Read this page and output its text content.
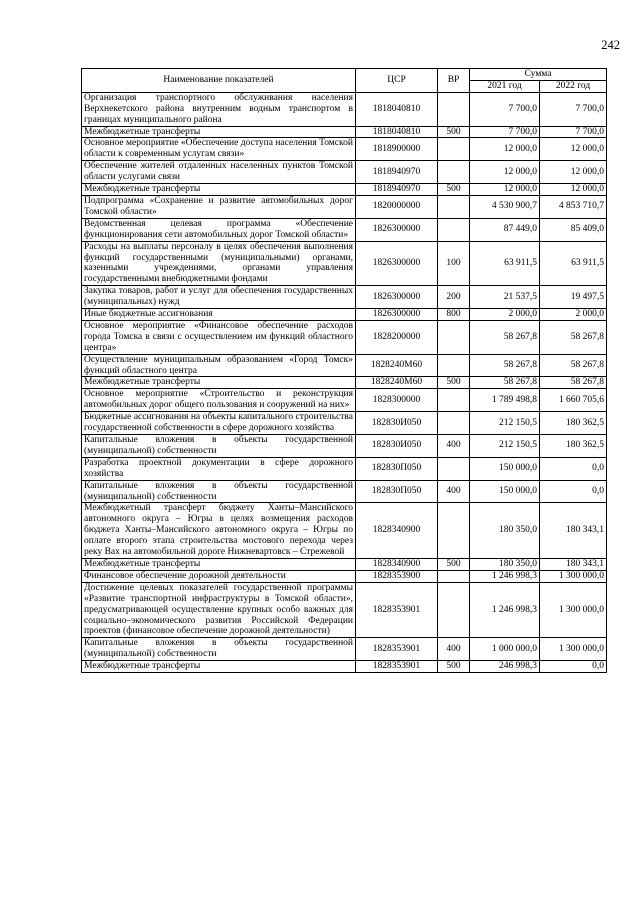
242
Наименование показателей	ЦСР	ВР	Сумма	
			2021 год	2022 год
Организация транспортного обслуживания населения Верхнекетского района внутренним водным транспортом в границах муниципального района	1818040810		7 700,0	7 700,0
Межбюджетные трансферты	1818040810	500	7 700,0	7 700,0
Основное мероприятие «Обеспечение доступа населения Томской области к современным услугам связи»	1818900000		12 000,0	12 000,0
Обеспечение жителей отдаленных населенных пунктов Томской области услугами связи	1818940970		12 000,0	12 000,0
Межбюджетные трансферты	1818940970	500	12 000,0	12 000,0
Подпрограмма «Сохранение и развитие автомобильных дорог Томской области»	1820000000		4 530 900,7	4 853 710,7
Ведомственная целевая программа «Обеспечение функционирования сети автомобильных дорог Томской области»	1826300000		87 449,0	85 409,0
Расходы на выплаты персоналу в целях обеспечения выполнения функций государственными (муниципальными) органами, казенными учреждениями, органами управления государственными внебюджетными фондами	1826300000	100	63 911,5	63 911,5
Закупка товаров, работ и услуг для обеспечения государственных (муниципальных) нужд	1826300000	200	21 537,5	19 497,5
Иные бюджетные ассигнования	1826300000	800	2 000,0	2 000,0
Основное мероприятие «Финансовое обеспечение расходов города Томска в связи с осуществлением им функций областного центра»	1828200000		58 267,8	58 267,8
Осуществление муниципальным образованием «Город Томск» функций областного центра	1828240М60		58 267,8	58 267,8
Межбюджетные трансферты	1828240М60	500	58 267,8	58 267,8
Основное мероприятие «Строительство и реконструкция автомобильных дорог общего пользования и сооружений на них»	1828300000		1 789 498,8	1 660 705,6
Бюджетные ассигнования на объекты капитального строительства государственной собственности в сфере дорожного хозяйства	182830И050		212 150,5	180 362,5
Капитальные вложения в объекты государственной (муниципальной) собственности	182830И050	400	212 150,5	180 362,5
Разработка проектной документации в сфере дорожного хозяйства	182830П050		150 000,0	0,0
Капитальные вложения в объекты государственной (муниципальной) собственности	182830П050	400	150 000,0	0,0
Межбюджетный трансферт бюджету Ханты–Мансийского автономного округа – Югры в целях возмещения расходов бюджета Ханты–Мансийского автономного округа – Югры по оплате второго этапа строительства мостового перехода через реку Вах на автомобильной дороге Нижневартовск – Стрежевой	1828340900		180 350,0	180 343,1
Межбюджетные трансферты	1828340900	500	180 350,0	180 343,1
Финансовое обеспечение дорожной деятельности	1828353900		1 246 998,3	1 300 000,0
Достижение целевых показателей государственной программы «Развитие транспортной инфраструктуры в Томской области», предусматривающей осуществление крупных особо важных для социально–экономического развития Российской Федерации проектов (финансовое обеспечение дорожной деятельности)	1828353901		1 246 998,3	1 300 000,0
Капитальные вложения в объекты государственной (муниципальной) собственности	1828353901	400	1 000 000,0	1 300 000,0
Межбюджетные трансферты	1828353901	500	246 998,3	0,0
